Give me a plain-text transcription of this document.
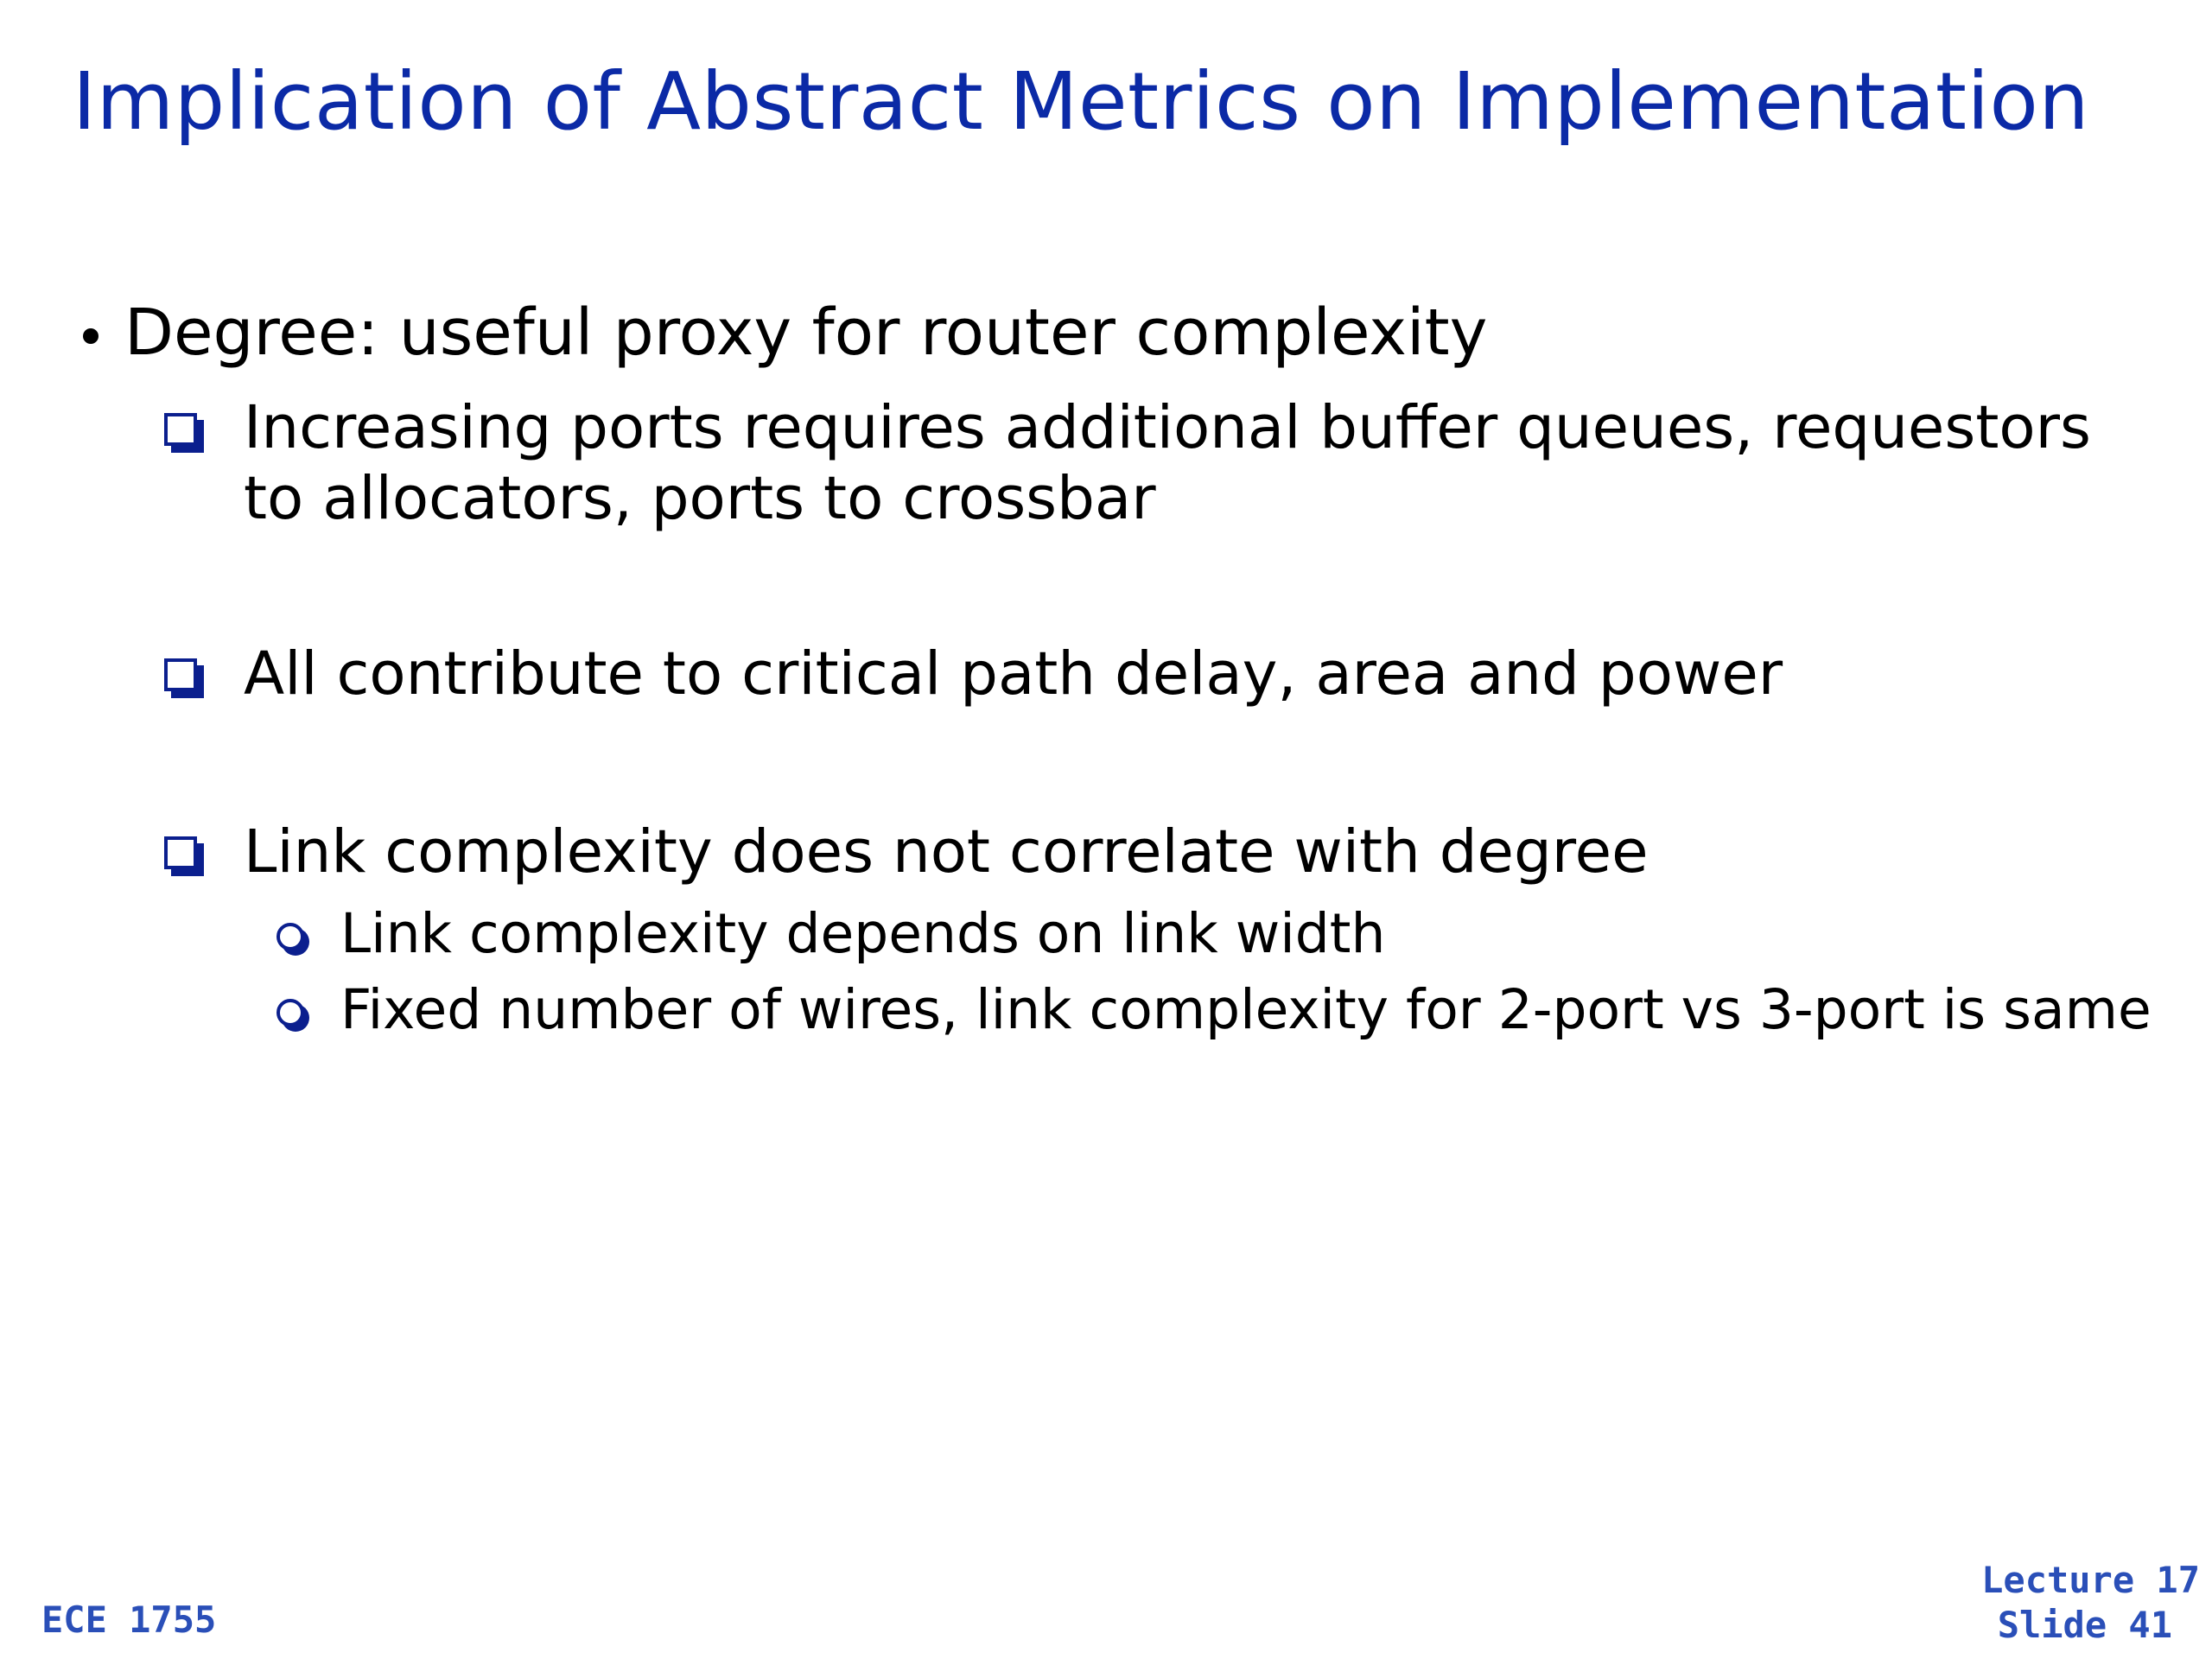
Implication of Abstract Metrics on Implementation
Degree: useful proxy for router complexity
Increasing ports requires additional buffer queues, requestors
to allocators, ports to crossbar
All contribute to critical path delay, area and power
Link complexity does not correlate with degree
Link complexity depends on link width
Fixed number of wires, link complexity for 2-port vs 3-port is same
ECE 1755
Lecture 17
Slide 41
